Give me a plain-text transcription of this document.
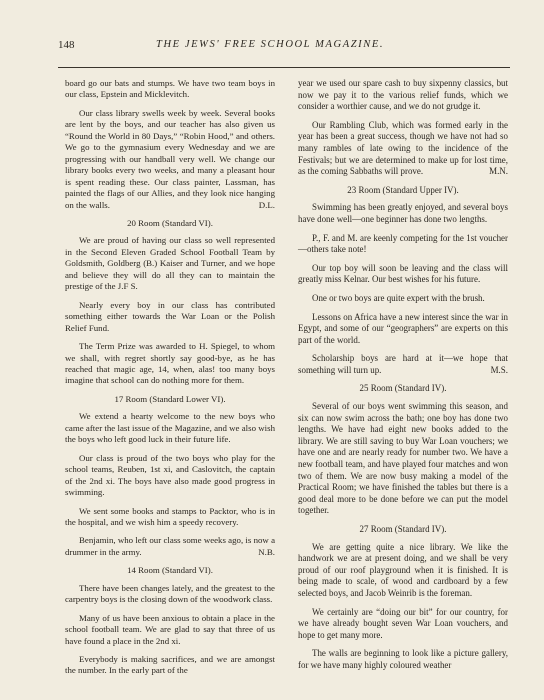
148	THE JEWS' FREE SCHOOL MAGAZINE.

board go our bats and stumps. We have two team boys in our class, Epstein and Micklevitch.

Our class library swells week by week. Several books are lent by the boys, and our teacher has also given us “Round the World in 80 Days,” “Robin Hood,” and others. We go to the gymnasium every Wednesday and we are progressing with our handball very well. We change our library books every two weeks, and many a pleasant hour is spent reading these. Our class painter, Lassman, has painted the flags of our Allies, and they look nice hanging on the walls.	D.L.

20 Room (Standard VI).

We are proud of having our class so well represented in the Second Eleven Graded School Football Team by Goldsmith, Goldberg (B.) Kaiser and Turner, and we hope and believe they will do all they can to maintain the prestige of the J.F S.

Nearly every boy in our class has contributed something either towards the War Loan or the Polish Relief Fund.

The Term Prize was awarded to H. Spiegel, to whom we shall, with regret shortly say good-bye, as he has reached that magic age, 14, when, alas! too many boys imagine that school can do nothing more for them.

17 Room (Standard Lower VI).

We extend a hearty welcome to the new boys who came after the last issue of the Magazine, and we also wish the boys who left good luck in their future life.

Our class is proud of the two boys who play for the school teams, Reuben, 1st xi, and Caslovitch, the captain of the 2nd xi. The boys have also made good progress in swimming.

We sent some books and stamps to Packtor, who is in the hospital, and we wish him a speedy recovery.

Benjamin, who left our class some weeks ago, is now a drummer in the army.	N.B.

14 Room (Standard VI).

There have been changes lately, and the greatest to the carpentry boys is the closing down of the woodwork class.

Many of us have been anxious to obtain a place in the school football team. We are glad to say that three of us have found a place in the 2nd xi.

Everybody is making sacrifices, and we are amongst the number. In the early part of the

year we used our spare cash to buy sixpenny classics, but now we pay it to the various relief funds, which we consider a worthier cause, and we do not grudge it.

Our Rambling Club, which was formed early in the year has been a great success, though we have not had so many rambles of late owing to the incidence of the Festivals; but we are determined to make up for lost time, as the coming Sabbaths will prove.	M.N.

23 Room (Standard Upper IV).

Swimming has been greatly enjoyed, and several boys have done well—one beginner has done two lengths.

P., F. and M. are keenly competing for the 1st voucher—others take note!

Our top boy will soon be leaving and the class will greatly miss Kelnar. Our best wishes for his future.

One or two boys are quite expert with the brush.

Lessons on Africa have a new interest since the war in Egypt, and some of our “geographers” are experts on this part of the world.

Scholarship boys are hard at it—we hope that something will turn up.	M.S.

25 Room (Standard IV).

Several of our boys went swimming this season, and six can now swim across the bath; one boy has done two lengths. We have had eight new books added to the library. We are still saving to buy War Loan vouchers; we have one and are nearly ready for number two. We have a new football team, and have played four matches and won two of them. We are now busy making a model of the Practical Room; we have finished the tables but there is a good deal more to be done before we can put the model together.

27 Room (Standard IV).

We are getting quite a nice library. We like the handwork we are at present doing, and we shall be very proud of our roof playground when it is finished. It is being made to scale, of wood and cardboard by a few selected boys, and Jacob Weinrib is the foreman.

We certainly are “doing our bit” for our country, for we have already bought seven War Loan vouchers, and hope to get many more.

The walls are beginning to look like a picture gallery, for we have many highly coloured weather
